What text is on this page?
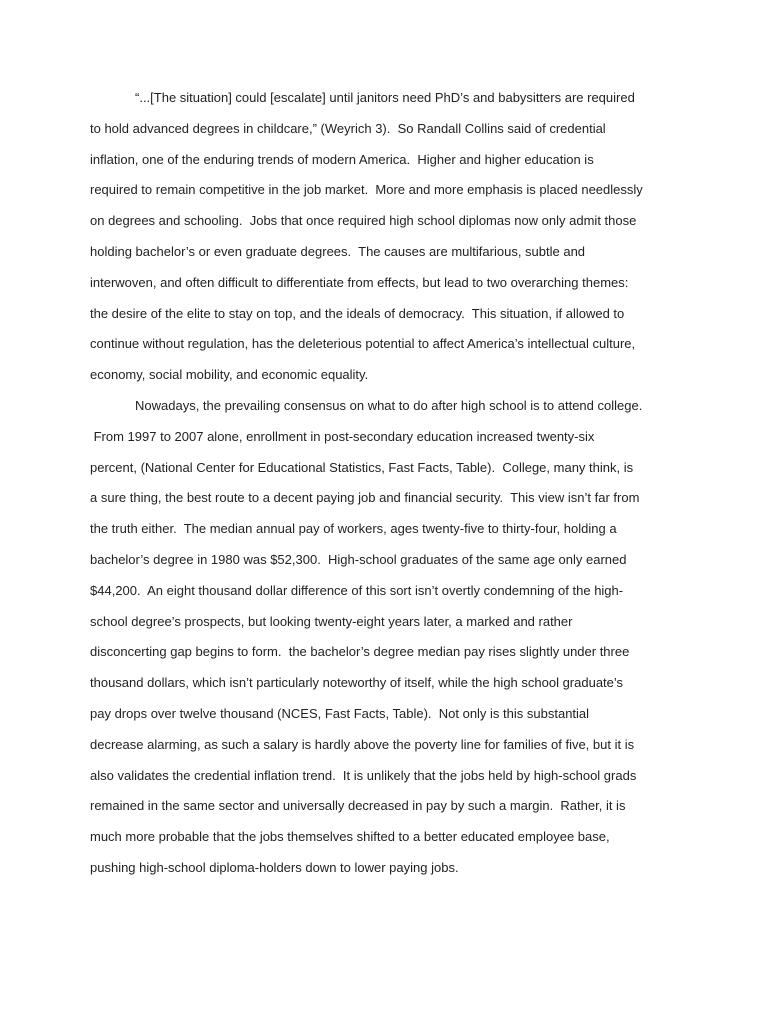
“...[The situation] could [escalate] until janitors need PhD’s and babysitters are required

to hold advanced degrees in childcare,” (Weyrich 3).  So Randall Collins said of credential

inflation, one of the enduring trends of modern America.  Higher and higher education is

required to remain competitive in the job market.  More and more emphasis is placed needlessly

on degrees and schooling.  Jobs that once required high school diplomas now only admit those

holding bachelor’s or even graduate degrees.  The causes are multifarious, subtle and

interwoven, and often difficult to differentiate from effects, but lead to two overarching themes:

the desire of the elite to stay on top, and the ideals of democracy.  This situation, if allowed to

continue without regulation, has the deleterious potential to affect America’s intellectual culture,

economy, social mobility, and economic equality.

Nowadays, the prevailing consensus on what to do after high school is to attend college.

From 1997 to 2007 alone, enrollment in post-secondary education increased twenty-six

percent, (National Center for Educational Statistics, Fast Facts, Table).  College, many think, is

a sure thing, the best route to a decent paying job and financial security.  This view isn’t far from

the truth either.  The median annual pay of workers, ages twenty-five to thirty-four, holding a

bachelor’s degree in 1980 was $52,300.  High-school graduates of the same age only earned

$44,200.  An eight thousand dollar difference of this sort isn’t overtly condemning of the high-

school degree’s prospects, but looking twenty-eight years later, a marked and rather

disconcerting gap begins to form.  the bachelor’s degree median pay rises slightly under three

thousand dollars, which isn’t particularly noteworthy of itself, while the high school graduate’s

pay drops over twelve thousand (NCES, Fast Facts, Table).  Not only is this substantial

decrease alarming, as such a salary is hardly above the poverty line for families of five, but it is

also validates the credential inflation trend.  It is unlikely that the jobs held by high-school grads

remained in the same sector and universally decreased in pay by such a margin.  Rather, it is

much more probable that the jobs themselves shifted to a better educated employee base,

pushing high-school diploma-holders down to lower paying jobs.
